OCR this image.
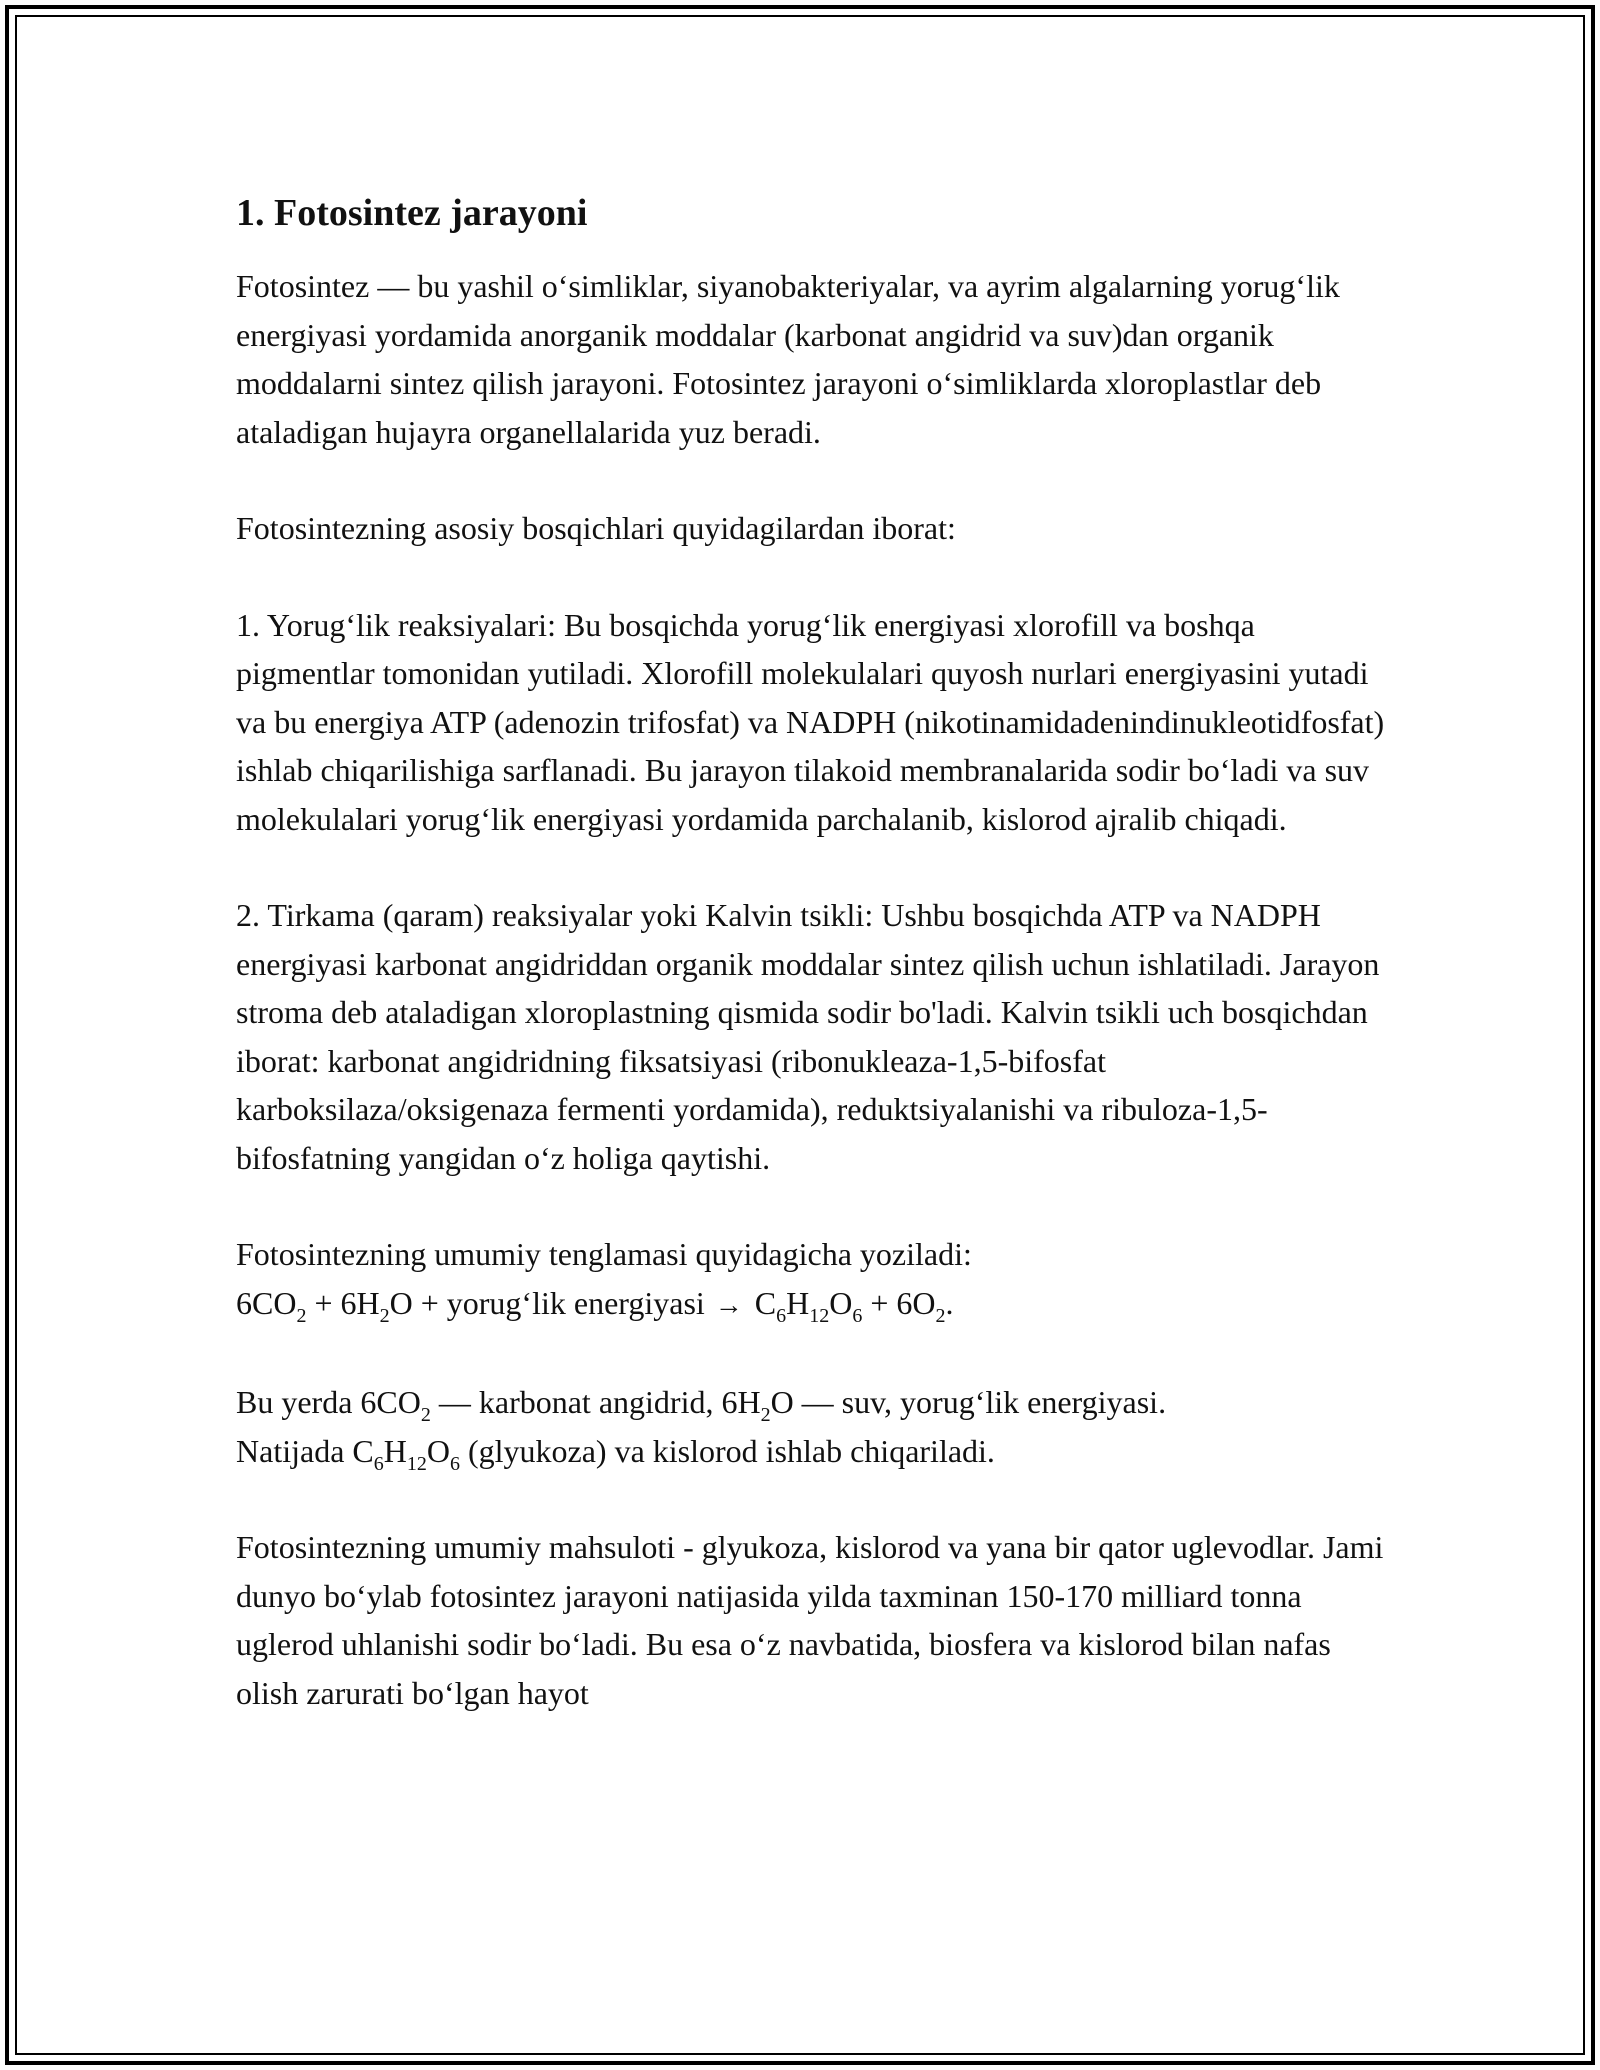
1. Fotosintez jarayoni

Fotosintez — bu yashil o‘simliklar, siyanobakteriyalar, va ayrim algalarning yorug‘lik energiyasi yordamida anorganik moddalar (karbonat angidrid va suv)dan organik moddalarni sintez qilish jarayoni. Fotosintez jarayoni o‘simliklarda xloroplastlar deb ataladigan hujayra organellalarida yuz beradi.

Fotosintezning asosiy bosqichlari quyidagilardan iborat:

1. Yorug‘lik reaksiyalari: Bu bosqichda yorug‘lik energiyasi xlorofill va boshqa pigmentlar tomonidan yutiladi. Xlorofill molekulalari quyosh nurlari energiyasini yutadi va bu energiya ATP (adenozin trifosfat) va NADPH (nikotinamidadenindinukleotidfosfat) ishlab chiqarilishiga sarflanadi. Bu jarayon tilakoid membranalarida sodir bo‘ladi va suv molekulalari yorug‘lik energiyasi yordamida parchalanib, kislorod ajralib chiqadi.

2. Tirkama (qaram) reaksiyalar yoki Kalvin tsikli: Ushbu bosqichda ATP va NADPH energiyasi karbonat angidriddan organik moddalar sintez qilish uchun ishlatiladi. Jarayon stroma deb ataladigan xloroplastning qismida sodir bo'ladi. Kalvin tsikli uch bosqichdan iborat: karbonat angidridning fiksatsiyasi (ribonukleaza-1,5-bifosfat karboksilaza/oksigenaza fermenti yordamida), reduktsiyalanishi va ribuloza-1,5-bifosfatning yangidan o‘z holiga qaytishi.

Fotosintezning umumiy tenglamasi quyidagicha yoziladi:

$6CO_2 + 6H_2O$ + yorug‘lik energiyasi → $C_6H_{12}O_6 + 6O_2$.

Bu yerda $6CO_2$ — karbonat angidrid, $6H_2O$ — suv, yorug‘lik energiyasi.
Natijada $C_6H_{12}O_6$ (glyukoza) va kislorod ishlab chiqariladi.

Fotosintezning umumiy mahsuloti - glyukoza, kislorod va yana bir qator uglevodlar. Jami dunyo bo‘ylab fotosintez jarayoni natijasida yilda taxminan 150-170 milliard tonna uglerod uhlanishi sodir bo‘ladi. Bu esa o‘z navbatida, biosfera va kislorod bilan nafas olish zarurati bo‘lgan hayot
